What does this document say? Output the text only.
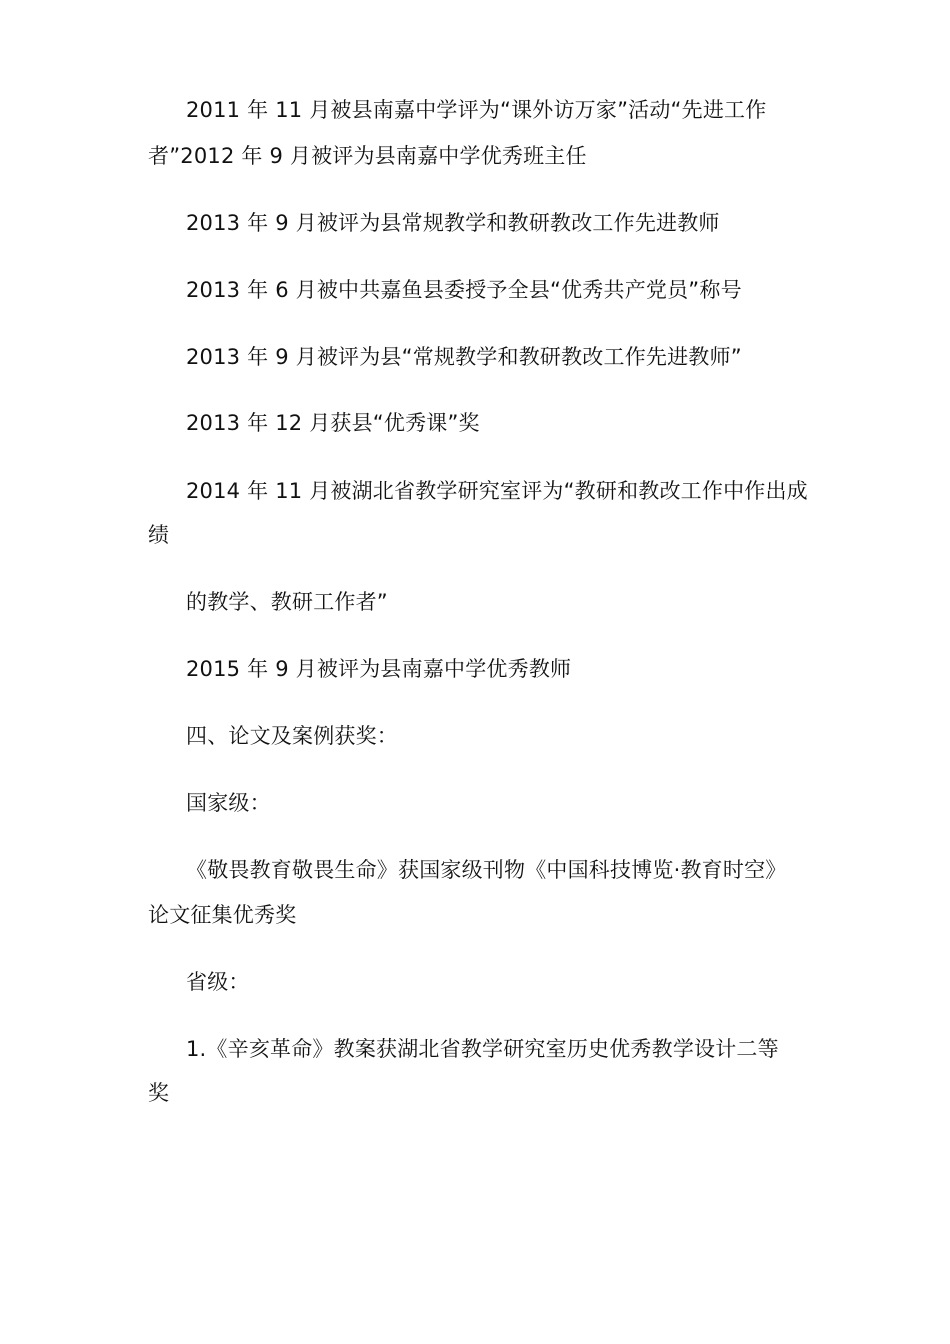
2011 年 11 月被县南嘉中学评为“课外访万家”活动“先进工作
者”2012 年 9 月被评为县南嘉中学优秀班主任
2013 年 9 月被评为县常规教学和教研教改工作先进教师
2013 年 6 月被中共嘉鱼县委授予全县“优秀共产党员”称号
2013 年 9 月被评为县“常规教学和教研教改工作先进教师”
2013 年 12 月获县“优秀课”奖
2014 年 11 月被湖北省教学研究室评为“教研和教改工作中作出成
绩
的教学、教研工作者”
2015 年 9 月被评为县南嘉中学优秀教师
四、论文及案例获奖：
国家级：
《敬畏教育敬畏生命》获国家级刊物《中国科技博览·教育时空》
论文征集优秀奖
省级：
1.《辛亥革命》教案获湖北省教学研究室历史优秀教学设计二等
奖
